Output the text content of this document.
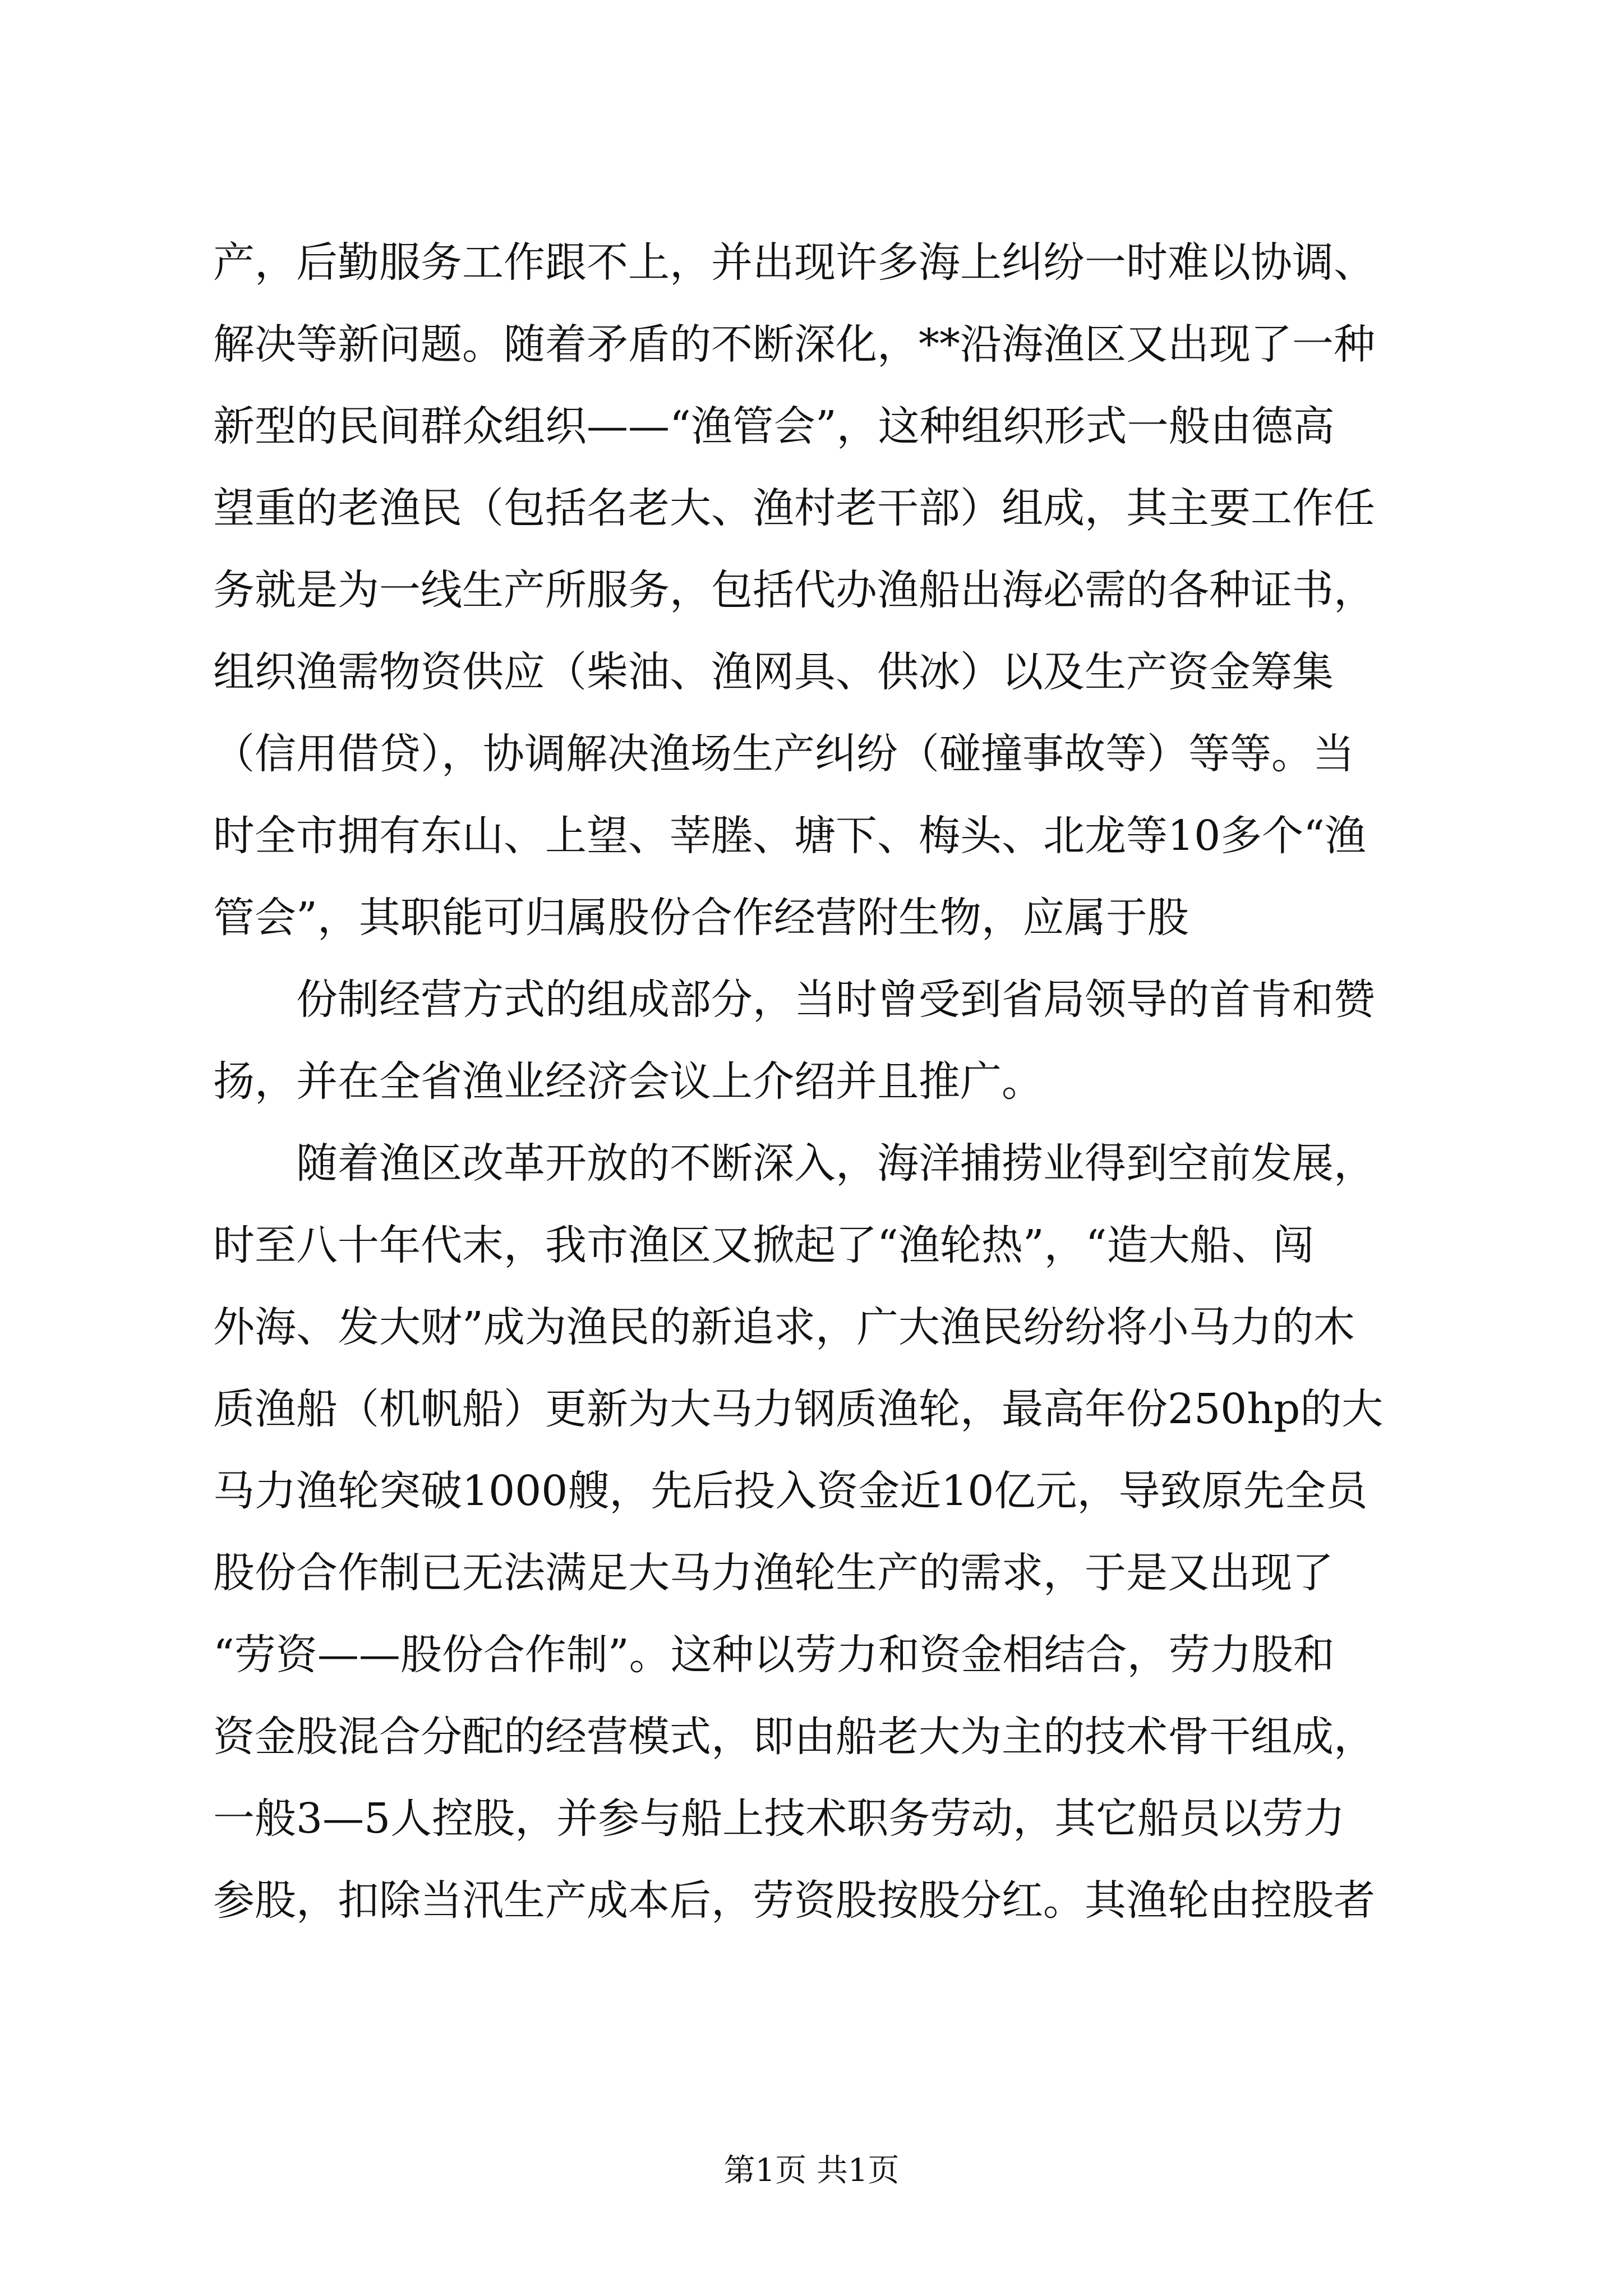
产，后勤服务工作跟不上，并出现许多海上纠纷一时难以协调、
解决等新问题。随着矛盾的不断深化，**沿海渔区又出现了一种
新型的民间群众组织——“渔管会”，这种组织形式一般由德高
望重的老渔民（包括名老大、渔村老干部）组成，其主要工作任
务就是为一线生产所服务，包括代办渔船出海必需的各种证书，
组织渔需物资供应（柴油、渔网具、供冰）以及生产资金筹集
（信用借贷），协调解决渔场生产纠纷（碰撞事故等）等等。当
时全市拥有东山、上望、莘塍、塘下、梅头、北龙等10多个“渔
管会”，其职能可归属股份合作经营附生物，应属于股
份制经营方式的组成部分，当时曾受到省局领导的首肯和赞
扬，并在全省渔业经济会议上介绍并且推广。
随着渔区改革开放的不断深入，海洋捕捞业得到空前发展，
时至八十年代末，我市渔区又掀起了“渔轮热”，“造大船、闯
外海、发大财”成为渔民的新追求，广大渔民纷纷将小马力的木
质渔船（机帆船）更新为大马力钢质渔轮，最高年份250hp的大
马力渔轮突破1000艘，先后投入资金近10亿元，导致原先全员
股份合作制已无法满足大马力渔轮生产的需求，于是又出现了
“劳资——股份合作制”。这种以劳力和资金相结合，劳力股和
资金股混合分配的经营模式，即由船老大为主的技术骨干组成，
一般3—5人控股，并参与船上技术职务劳动，其它船员以劳力
参股，扣除当汛生产成本后，劳资股按股分红。其渔轮由控股者
第1页 共1页
